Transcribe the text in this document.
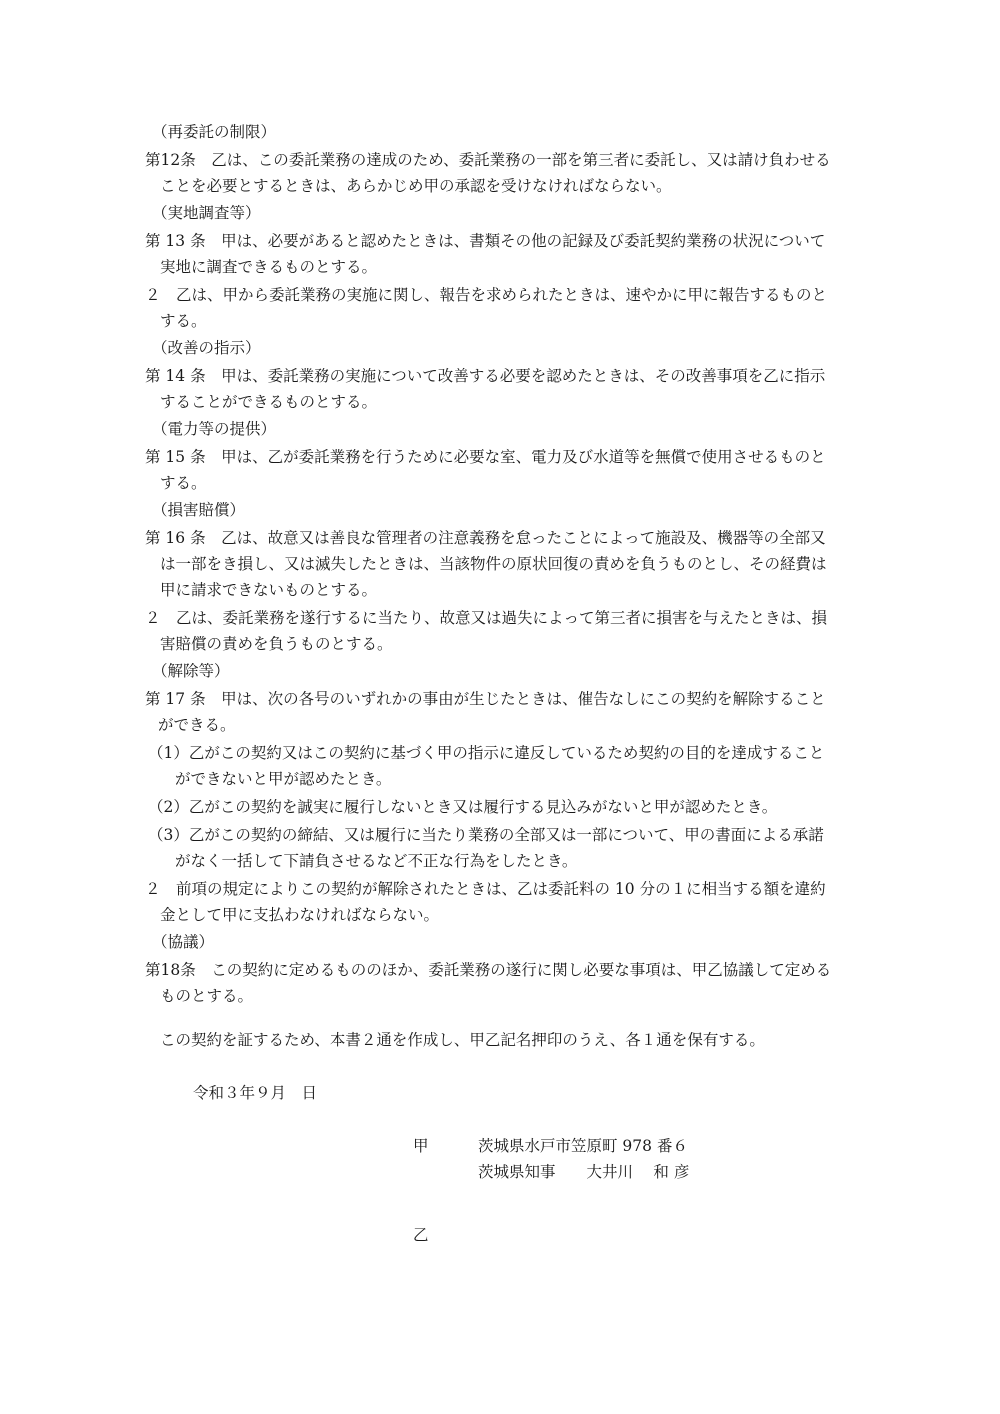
（再委託の制限）
第12条　乙は、この委託業務の達成のため、委託業務の一部を第三者に委託し、又は請け負わせる
ことを必要とするときは、あらかじめ甲の承認を受けなければならない。
（実地調査等）
第 13 条　甲は、必要があると認めたときは、書類その他の記録及び委託契約業務の状況について
実地に調査できるものとする。
２　乙は、甲から委託業務の実施に関し、報告を求められたときは、速やかに甲に報告するものと
する。
（改善の指示）
第 14 条　甲は、委託業務の実施について改善する必要を認めたときは、その改善事項を乙に指示
することができるものとする。
（電力等の提供）
第 15 条　甲は、乙が委託業務を行うために必要な室、電力及び水道等を無償で使用させるものと
する。
（損害賠償）
第 16 条　乙は、故意又は善良な管理者の注意義務を怠ったことによって施設及、機器等の全部又
は一部をき損し、又は滅失したときは、当該物件の原状回復の責めを負うものとし、その経費は
甲に請求できないものとする。
２　乙は、委託業務を遂行するに当たり、故意又は過失によって第三者に損害を与えたときは、損
害賠償の責めを負うものとする。
（解除等）
第 17 条　甲は、次の各号のいずれかの事由が生じたときは、催告なしにこの契約を解除すること
ができる。
（1）乙がこの契約又はこの契約に基づく甲の指示に違反しているため契約の目的を達成すること
ができないと甲が認めたとき。
（2）乙がこの契約を誠実に履行しないとき又は履行する見込みがないと甲が認めたとき。
（3）乙がこの契約の締結、又は履行に当たり業務の全部又は一部について、甲の書面による承諾
がなく一括して下請負させるなど不正な行為をしたとき。
２　前項の規定によりこの契約が解除されたときは、乙は委託料の 10 分の１に相当する額を違約
金として甲に支払わなければならない。
（協議）
第18条　この契約に定めるもののほか、委託業務の遂行に関し必要な事項は、甲乙協議して定める
ものとする。
この契約を証するため、本書２通を作成し、甲乙記名押印のうえ、各１通を保有する。
令和３年９月　日
甲	茨城県水戸市笠原町 978 番６
茨城県知事　　大井川　 和 彦
乙
